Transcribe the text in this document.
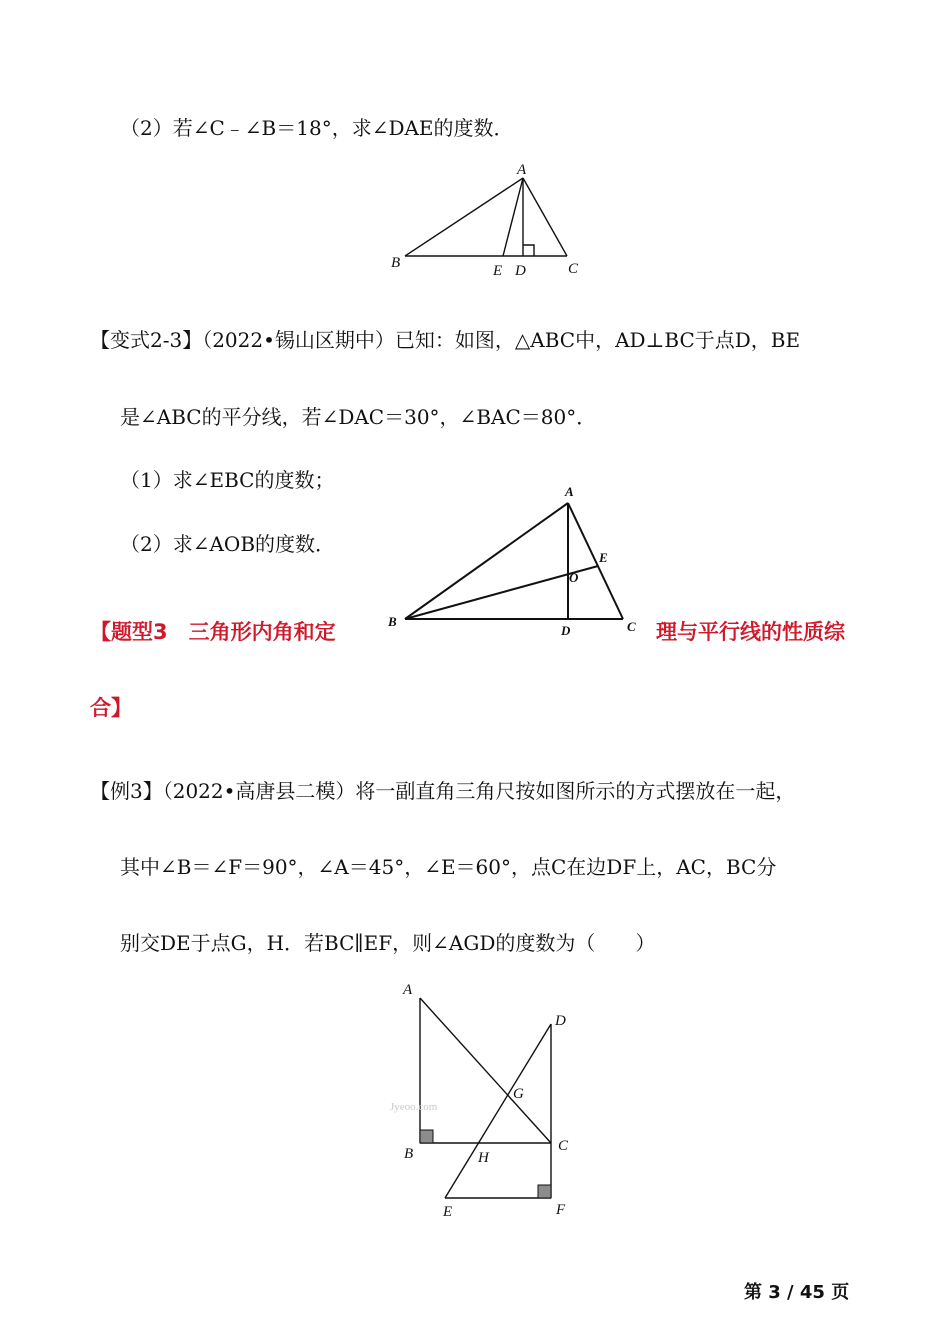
（2）若∠C﹣∠B＝18°，求∠DAE的度数．
A
B	E D	C
【变式2-3】（2022•锡山区期中）已知：如图，△ABC中，AD⊥BC于点D，BE
是∠ABC的平分线，若∠DAC＝30°，∠BAC＝80°．
（1）求∠EBC的度数；
（2）求∠AOB的度数．
A
B	C
D
E
O
【题型3　三角形内角和定	理与平行线的性质综
合】
【例3】（2022•高唐县二模）将一副直角三角尺按如图所示的方式摆放在一起，
其中∠B＝∠F＝90°，∠A＝45°，∠E＝60°，点C在边DF上，AC，BC分
别交DE于点G，H．若BC∥EF，则∠AGD的度数为（　　）
Jyeoo.com
A
D
G
B	C
H
E	F
第 3 / 45 页
